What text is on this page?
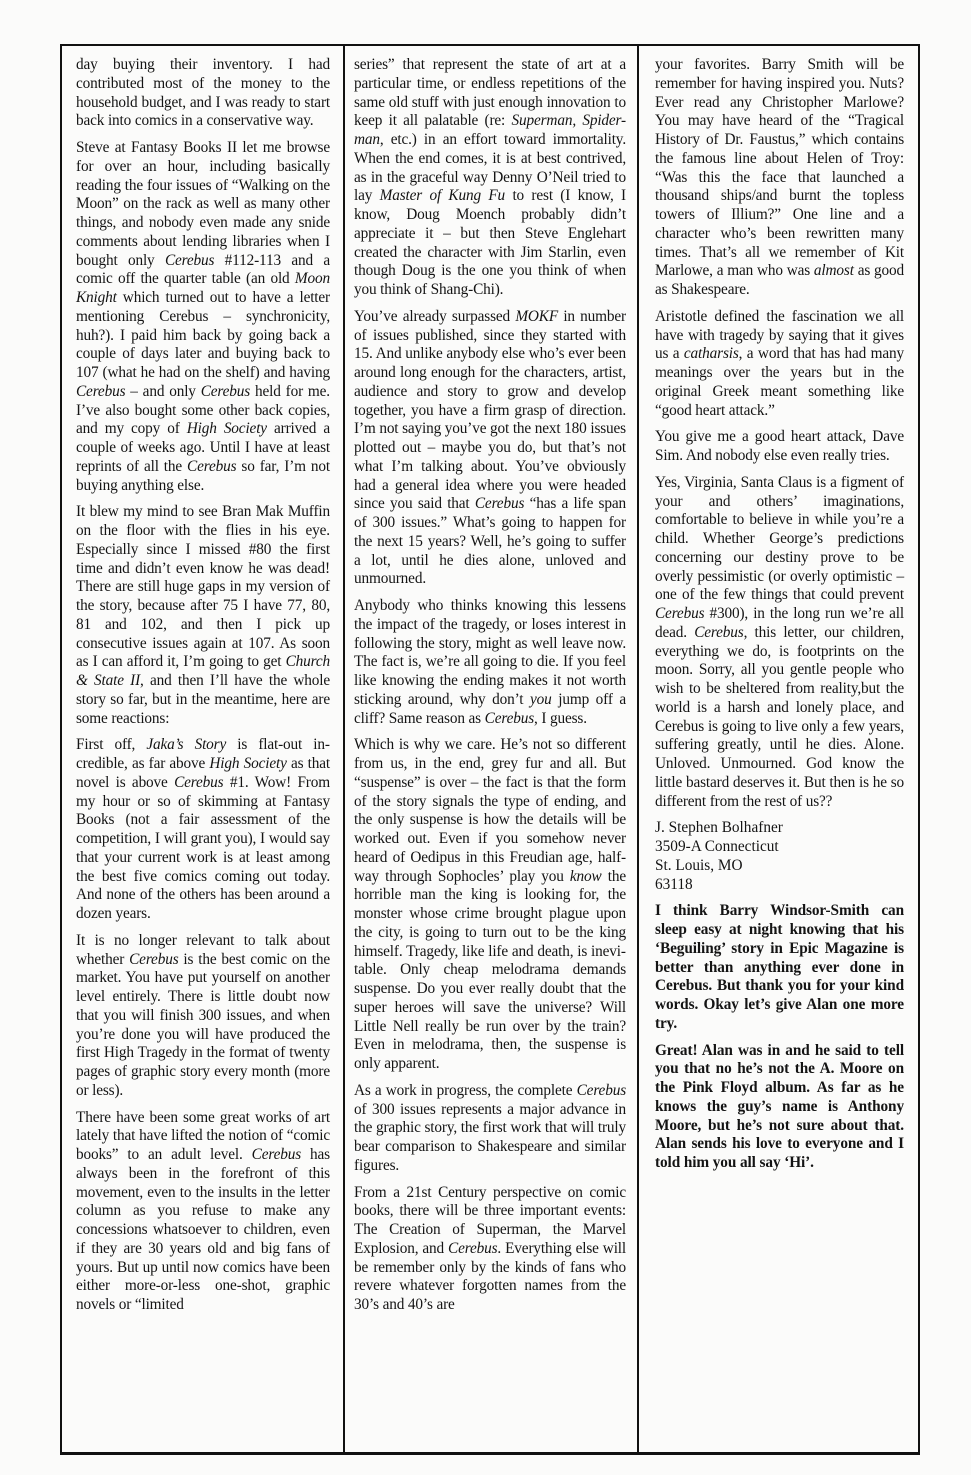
day buying their inventory. I had contributed most of the money to the household budget, and I was ready to start back into comics in a conservative way.

Steve at Fantasy Books II let me browse for over an hour, including basically reading the four issues of “Walking on the Moon” on the rack as well as many other things, and nobody even made any snide comments about lending libraries when I bought only Cerebus #112-113 and a comic off the quarter table (an old Moon Knight which turned out to have a letter mentioning Cerebus – synchronicity, huh?). I paid him back by going back a couple of days later and buying back to 107 (what he had on the shelf) and having Cerebus – and only Cerebus held for me. I’ve also bought some other back copies, and my copy of High Society arrived a couple of weeks ago. Until I have at least reprints of all the Cerebus so far, I’m not buying anything else.

It blew my mind to see Bran Mak Muffin on the floor with the flies in his eye. Especially since I missed #80 the first time and didn’t even know he was dead! There are still huge gaps in my version of the story, because after 75 I have 77, 80, 81 and 102, and then I pick up consecutive issues again at 107. As soon as I can afford it, I’m going to get Church & State II, and then I’ll have the whole story so far, but in the meantime, here are some reactions:

First off, Jaka’s Story is flat-out incredible, as far above High Society as that novel is above Cerebus #1. Wow! From my hour or so of skimming at Fantasy Books (not a fair assessment of the competition, I will grant you), I would say that your current work is at least among the best five comics coming out today. And none of the others has been around a dozen years.

It is no longer relevant to talk about whether Cerebus is the best comic on the market. You have put yourself on another level entirely. There is little doubt now that you will finish 300 issues, and when you’re done you will have produced the first High Tragedy in the format of twenty pages of graphic story every month (more or less).

There have been some great works of art lately that have lifted the notion of “comic books” to an adult level. Cerebus has always been in the forefront of this movement, even to the insults in the letter column as you refuse to make any concessions whatsoever to children, even if they are 30 years old and big fans of yours. But up until now comics have been either more-or-less one-shot, graphic novels or “limited

series” that represent the state of art at a particular time, or endless repetitions of the same old stuff with just enough innovation to keep it all palatable (re: Superman, Spider-man, etc.) in an effort toward immortality. When the end comes, it is at best contrived, as in the graceful way Denny O’Neil tried to lay Master of Kung Fu to rest (I know, I know, Doug Moench probably didn’t appreciate it – but then Steve Englehart created the character with Jim Starlin, even though Doug is the one you think of when you think of Shang-Chi).

You’ve already surpassed MOKF in number of issues published, since they started with 15. And unlike anybody else who’s ever been around long enough for the characters, artist, audience and story to grow and develop together, you have a firm grasp of direction. I’m not saying you’ve got the next 180 issues plotted out – maybe you do, but that’s not what I’m talking about. You’ve obviously had a general idea where you were headed since you said that Cerebus “has a life span of 300 issues.” What’s going to happen for the next 15 years? Well, he’s going to suffer a lot, until he dies alone, unloved and unmourned.

Anybody who thinks knowing this lessens the impact of the tragedy, or loses interest in following the story, might as well leave now. The fact is, we’re all going to die. If you feel like knowing the ending makes it not worth sticking around, why don’t you jump off a cliff? Same reason as Cerebus, I guess.

Which is why we care. He’s not so different from us, in the end, grey fur and all. But “suspense” is over – the fact is that the form of the story signals the type of ending, and the only suspense is how the details will be worked out. Even if you somehow never heard of Oedipus in this Freudian age, half-way through Sophocles’ play you know the horrible man the king is looking for, the monster whose crime brought plague upon the city, is going to turn out to be the king himself. Tragedy, like life and death, is inevitable. Only cheap melodrama demands suspense. Do you ever really doubt that the super heroes will save the universe? Will Little Nell really be run over by the train? Even in melodrama, then, the suspense is only apparent.

As a work in progress, the complete Cerebus of 300 issues represents a major advance in the graphic story, the first work that will truly bear comparison to Shakespeare and similar figures.

From a 21st Century perspective on comic books, there will be three important events: The Creation of Superman, the Marvel Explosion, and Cerebus. Everything else will be remember only by the kinds of fans who revere whatever forgotten names from the 30’s and 40’s are

your favorites. Barry Smith will be remember for having inspired you. Nuts? Ever read any Christopher Marlowe? You may have heard of the “Tragical History of Dr. Faustus,” which contains the famous line about Helen of Troy: “Was this the face that launched a thousand ships/and burnt the topless towers of Illium?” One line and a character who’s been rewritten many times. That’s all we remember of Kit Marlowe, a man who was almost as good as Shakespeare.

Aristotle defined the fascination we all have with tragedy by saying that it gives us a catharsis, a word that has had many meanings over the years but in the original Greek meant something like “good heart attack.”

You give me a good heart attack, Dave Sim. And nobody else even really tries.

Yes, Virginia, Santa Claus is a figment of your and others’ imaginations, comfortable to believe in while you’re a child. Whether George’s predictions concerning our destiny prove to be overly pessimistic (or overly optimistic – one of the few things that could prevent Cerebus #300), in the long run we’re all dead. Cerebus, this letter, our children, everything we do, is footprints on the moon. Sorry, all you gentle people who wish to be sheltered from reality,but the world is a harsh and lonely place, and Cerebus is going to live only a few years, suffering greatly, until he dies. Alone. Unloved. Unmourned. God know the little bastard deserves it. But then is he so different from the rest of us??

J. Stephen Bolhafner
3509-A Connecticut
St. Louis, MO
63118

I think Barry Windsor-Smith can sleep easy at night knowing that his ‘Beguiling’ story in Epic Magazine is better than anything ever done in Cerebus. But thank you for your kind words. Okay let’s give Alan one more try.

Great! Alan was in and he said to tell you that no he’s not the A. Moore on the Pink Floyd album. As far as he knows the guy’s name is Anthony Moore, but he’s not sure about that. Alan sends his love to everyone and I told him you all say ‘Hi’.
